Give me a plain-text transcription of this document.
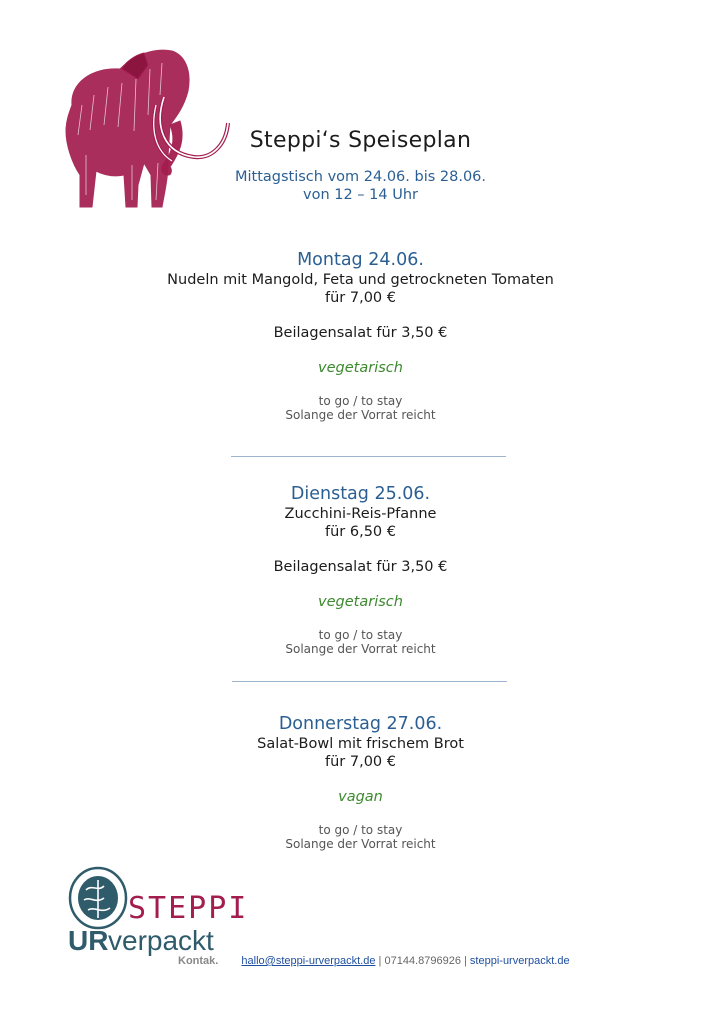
Steppi‘s Speiseplan
Mittagstisch vom 24.06. bis 28.06.
von 12 – 14 Uhr
Montag 24.06.
Nudeln mit Mangold, Feta und getrockneten Tomaten
für 7,00 €
Beilagensalat für 3,50 €
vegetarisch
to go / to stay
Solange der Vorrat reicht
Dienstag 25.06.
Zucchini-Reis-Pfanne
für 6,50 €
Beilagensalat für 3,50 €
vegetarisch
to go / to stay
Solange der Vorrat reicht
Donnerstag 27.06.
Salat-Bowl mit frischem Brot
für 7,00 €
vagan
to go / to stay
Solange der Vorrat reicht
STEPPI
UR verpackt
Kontak. hallo@steppi-urverpackt.de | 07144.8796926 | steppi-urverpackt.de
